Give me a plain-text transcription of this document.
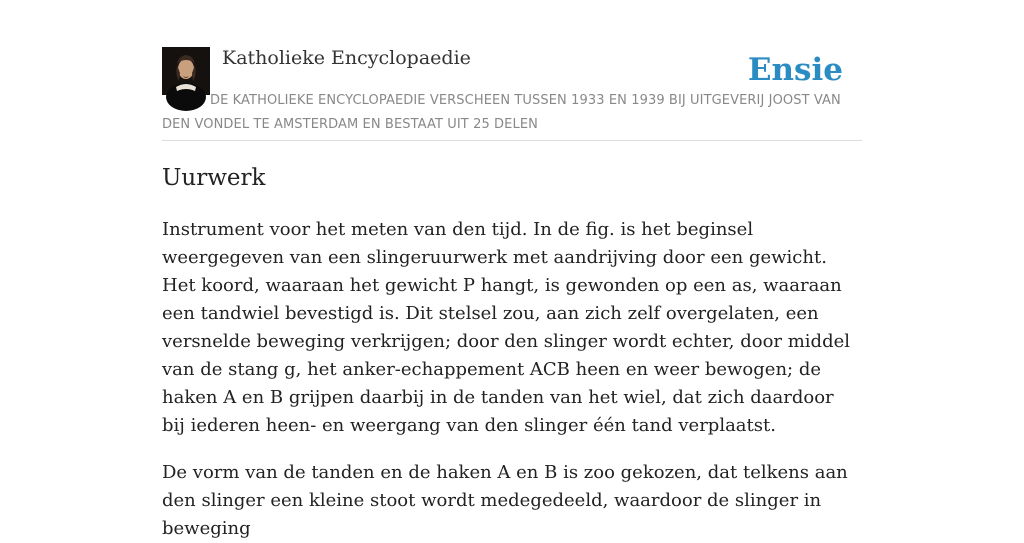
Katholieke Encyclopaedie	Ensie
DE KATHOLIEKE ENCYCLOPAEDIE VERSCHEEN TUSSEN 1933 EN 1939 BIJ UITGEVERIJ JOOST VAN DEN VONDEL TE AMSTERDAM EN BESTAAT UIT 25 DELEN
Uurwerk

Instrument voor het meten van den tijd. In de fig. is het beginsel weergegeven van een slingeruurwerk met aandrijving door een gewicht. Het koord, waaraan het gewicht P hangt, is gewonden op een as, waaraan een tandwiel bevestigd is. Dit stelsel zou, aan zich zelf overgelaten, een versnelde beweging verkrijgen; door den slinger wordt echter, door middel van de stang g, het anker-echappement ACB heen en weer bewogen; de haken A en B grijpen daarbij in de tanden van het wiel, dat zich daardoor bij iederen heen- en weergang van den slinger één tand verplaatst.

De vorm van de tanden en de haken A en B is zoo gekozen, dat telkens aan den slinger een kleine stoot wordt medegedeeld, waardoor de slinger in beweging
